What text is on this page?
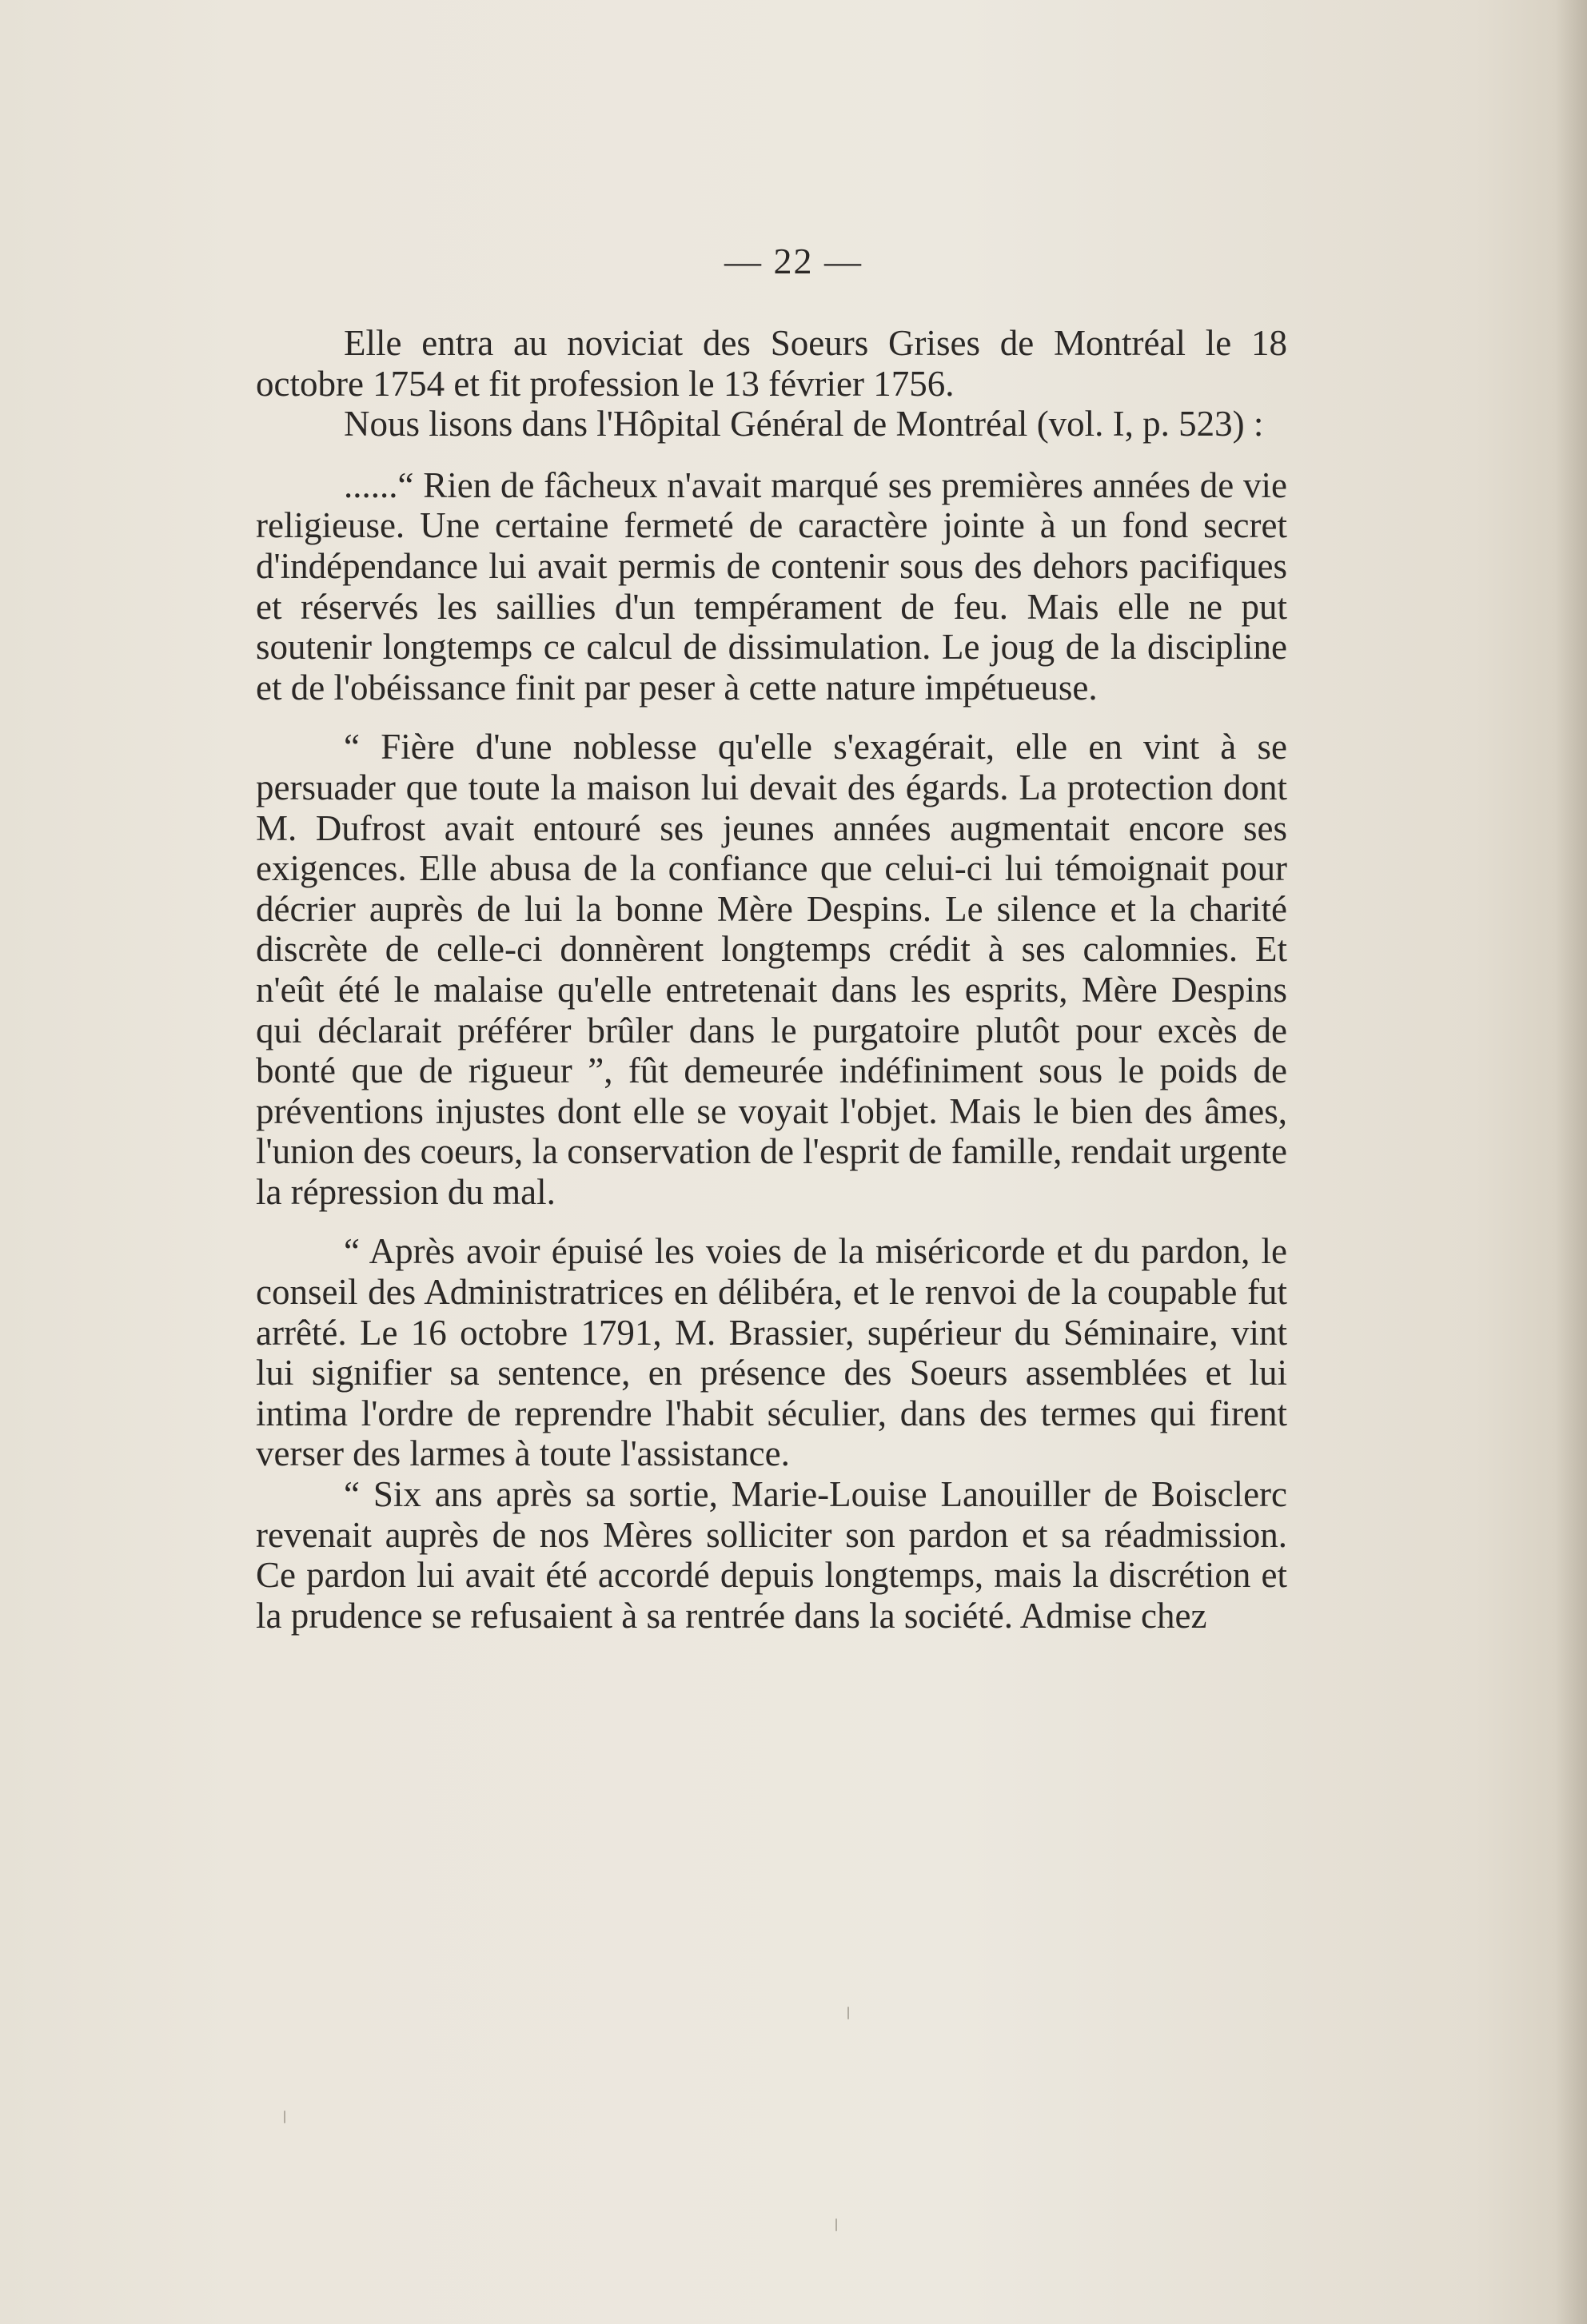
— 22 —

Elle entra au noviciat des Soeurs Grises de Montréal le 18 octobre 1754 et fit profession le 13 février 1756.

Nous lisons dans l'Hôpital Général de Montréal (vol. I, p. 523) :

......“ Rien de fâcheux n'avait marqué ses premières années de vie religieuse. Une certaine fermeté de caractère jointe à un fond secret d'indépendance lui avait permis de contenir sous des dehors pacifiques et réservés les saillies d'un tempérament de feu. Mais elle ne put soutenir longtemps ce calcul de dissimulation. Le joug de la discipline et de l'obéissance finit par peser à cette nature impétueuse.

“ Fière d'une noblesse qu'elle s'exagérait, elle en vint à se persuader que toute la maison lui devait des égards. La protection dont M. Dufrost avait entouré ses jeunes années augmentait encore ses exigences. Elle abusa de la confiance que celui-ci lui témoignait pour décrier auprès de lui la bonne Mère Despins. Le silence et la charité discrète de celle-ci donnèrent longtemps crédit à ses calomnies. Et n'eût été le malaise qu'elle entretenait dans les esprits, Mère Despins qui déclarait préférer brûler dans le purgatoire plutôt pour excès de bonté que de rigueur ”, fût demeurée indéfiniment sous le poids de préventions injustes dont elle se voyait l'objet. Mais le bien des âmes, l'union des coeurs, la conservation de l'esprit de famille, rendait urgente la répression du mal.

“ Après avoir épuisé les voies de la miséricorde et du pardon, le conseil des Administratrices en délibéra, et le renvoi de la coupable fut arrêté. Le 16 octobre 1791, M. Brassier, supérieur du Séminaire, vint lui signifier sa sentence, en présence des Soeurs assemblées et lui intima l'ordre de reprendre l'habit séculier, dans des termes qui firent verser des larmes à toute l'assistance.

“ Six ans après sa sortie, Marie-Louise Lanouiller de Boisclerc revenait auprès de nos Mères solliciter son pardon et sa réadmission. Ce pardon lui avait été accordé depuis longtemps, mais la discrétion et la prudence se refusaient à sa rentrée dans la société. Admise chez
